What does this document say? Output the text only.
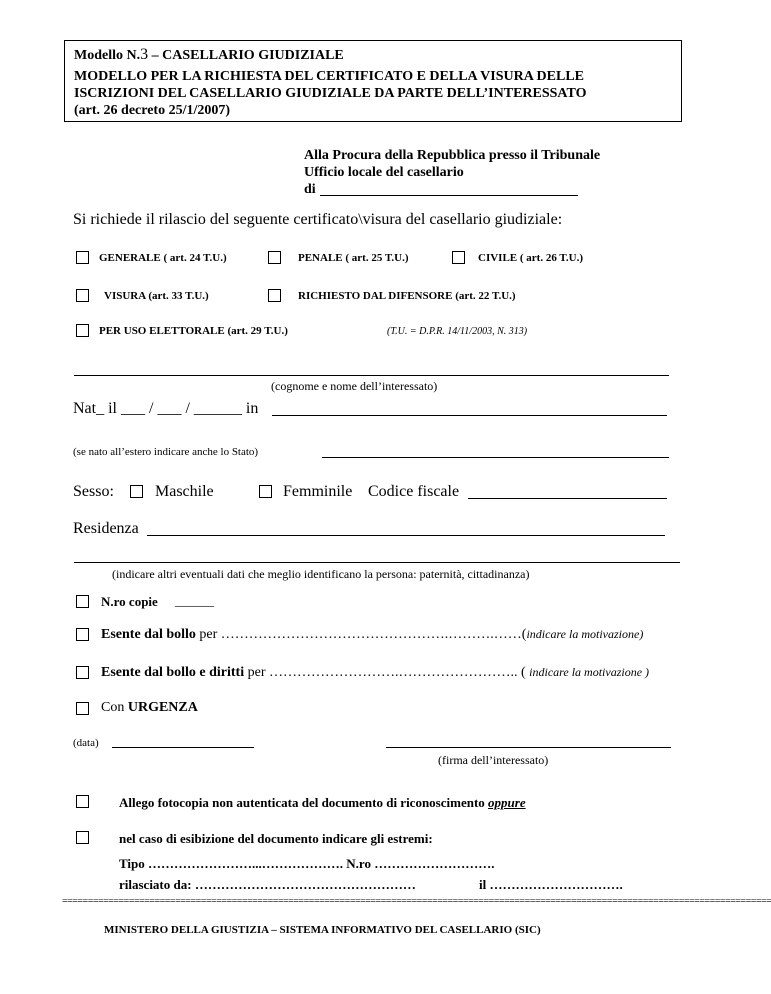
Modello N.3 – CASELLARIO GIUDIZIALE
MODELLO PER LA RICHIESTA DEL CERTIFICATO E DELLA VISURA DELLE
ISCRIZIONI DEL CASELLARIO GIUDIZIALE DA PARTE DELL’INTERESSATO
(art. 26 decreto 25/1/2007)
Alla Procura della Repubblica presso il Tribunale
Ufficio locale del casellario
di
Si richiede il rilascio del seguente certificato\visura del casellario giudiziale:
GENERALE ( art. 24 T.U.)	PENALE ( art. 25 T.U.)	CIVILE ( art. 26 T.U.)
VISURA (art. 33 T.U.)	RICHIESTO DAL DIFENSORE (art. 22 T.U.)
PER USO ELETTORALE (art. 29 T.U.)	(T.U. = D.P.R. 14/11/2003, N. 313)
(cognome e nome dell’interessato)
Nat_ il ___ / ___ / ______ in
(se nato all’estero indicare anche lo Stato)
Sesso:	Maschile	Femminile Codice fiscale
Residenza
(indicare altri eventuali dati che meglio identificano la persona: paternità, cittadinanza)
N.ro copie ______
Esente dal bollo per ………………………………………….……….……(indicare la motivazione)
Esente dal bollo e diritti per ……………………….…………………….. ( indicare la motivazione )
Con URGENZA
(data)
(firma dell’interessato)
Allego fotocopia non autenticata del documento di riconoscimento oppure
nel caso di esibizione del documento indicare gli estremi:
Tipo ……………………...………………. N.ro ……………………….
rilasciato da: ……………………………………………	il ………………………….
==========================================================================================================================================
MINISTERO DELLA GIUSTIZIA – SISTEMA INFORMATIVO DEL CASELLARIO (SIC)
